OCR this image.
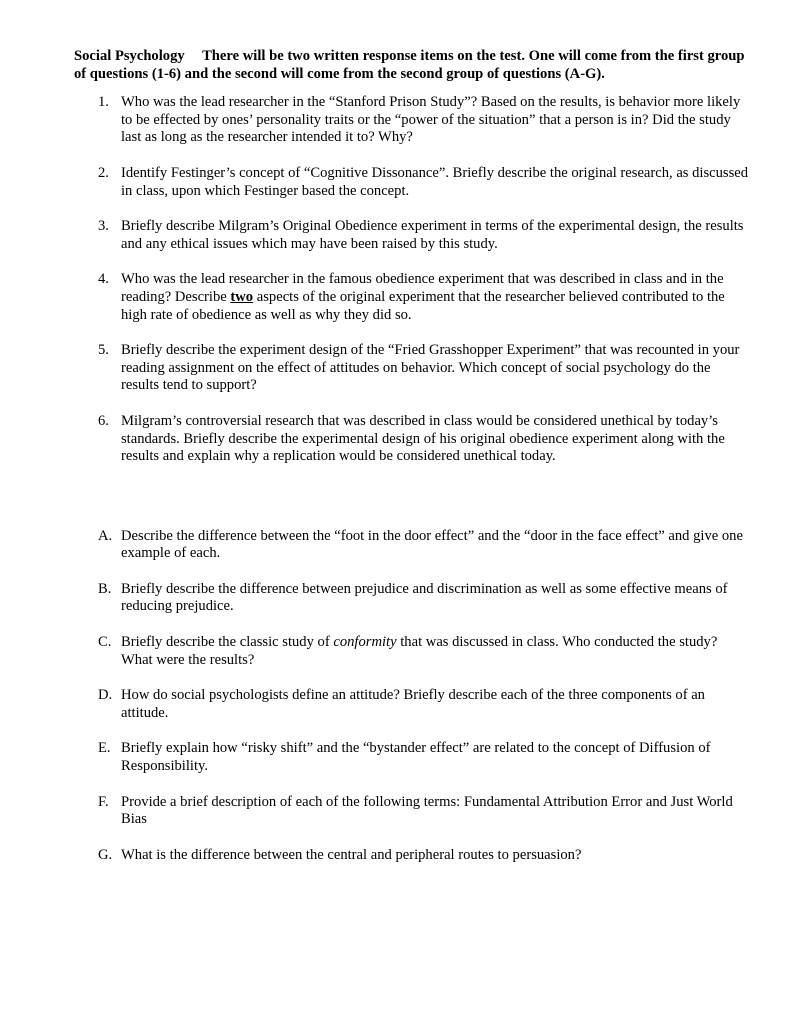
Social Psychology There will be two written response items on the test. One will come from the first group of questions (1-6) and the second will come from the second group of questions (A-G).
1. Who was the lead researcher in the “Stanford Prison Study”? Based on the results, is behavior more likely to be effected by ones’ personality traits or the “power of the situation” that a person is in? Did the study last as long as the researcher intended it to? Why?
2. Identify Festinger’s concept of “Cognitive Dissonance”. Briefly describe the original research, as discussed in class, upon which Festinger based the concept.
3. Briefly describe Milgram’s Original Obedience experiment in terms of the experimental design, the results and any ethical issues which may have been raised by this study.
4. Who was the lead researcher in the famous obedience experiment that was described in class and in the reading? Describe two aspects of the original experiment that the researcher believed contributed to the high rate of obedience as well as why they did so.
5. Briefly describe the experiment design of the “Fried Grasshopper Experiment” that was recounted in your reading assignment on the effect of attitudes on behavior. Which concept of social psychology do the results tend to support?
6. Milgram’s controversial research that was described in class would be considered unethical by today’s standards. Briefly describe the experimental design of his original obedience experiment along with the results and explain why a replication would be considered unethical today.
A. Describe the difference between the “foot in the door effect” and the “door in the face effect” and give one example of each.
B. Briefly describe the difference between prejudice and discrimination as well as some effective means of reducing prejudice.
C. Briefly describe the classic study of conformity that was discussed in class. Who conducted the study? What were the results?
D. How do social psychologists define an attitude? Briefly describe each of the three components of an attitude.
E. Briefly explain how “risky shift” and the “bystander effect” are related to the concept of Diffusion of Responsibility.
F. Provide a brief description of each of the following terms: Fundamental Attribution Error and Just World Bias
G. What is the difference between the central and peripheral routes to persuasion?
